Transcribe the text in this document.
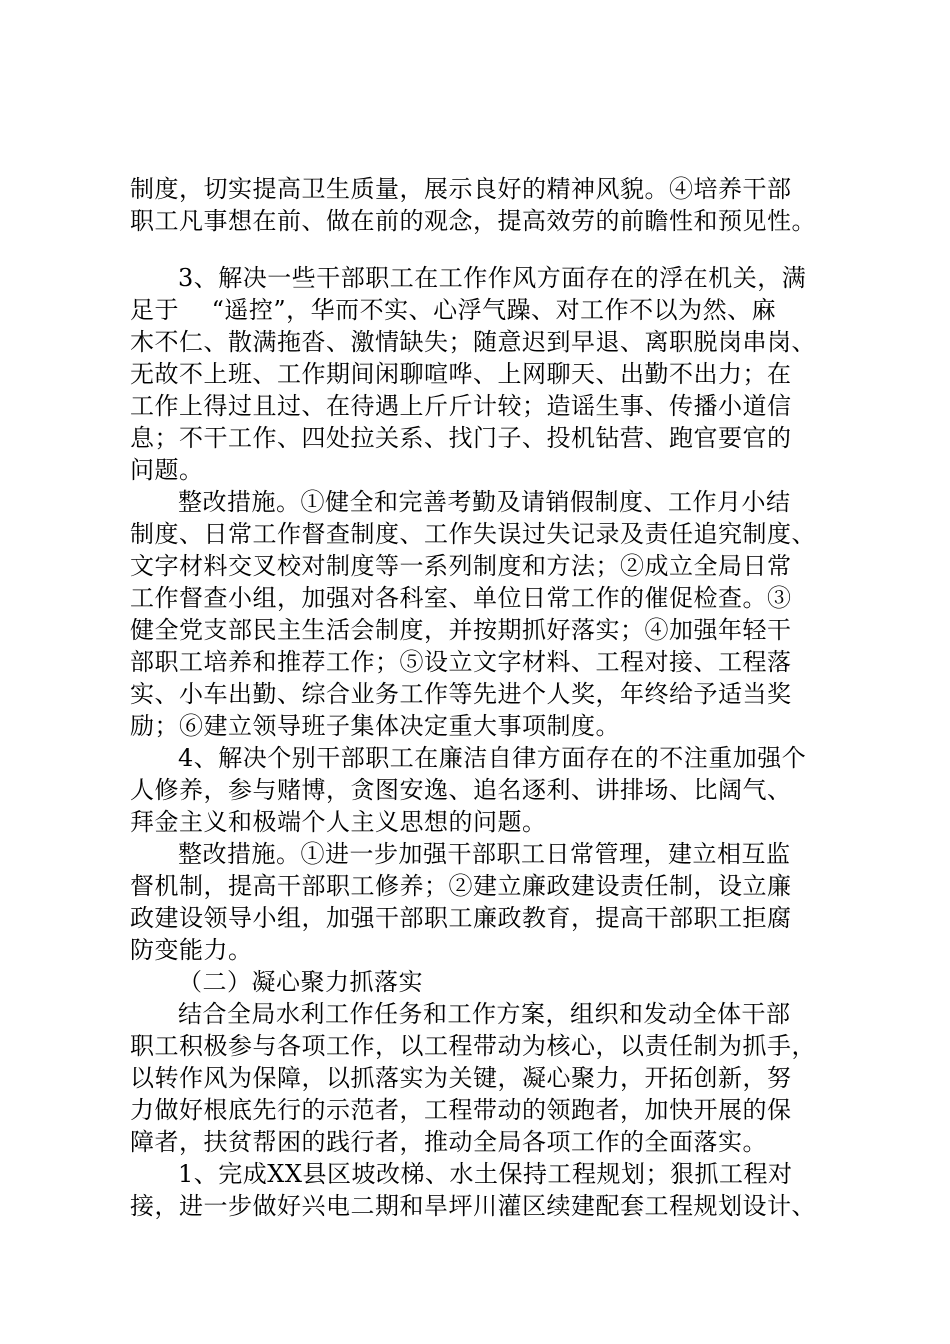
制度，切实提高卫生质量，展示良好的精神风貌。④培养干部
职工凡事想在前、做在前的观念，提高效劳的前瞻性和预见性。
3、解决一些干部职工在工作作风方面存在的浮在机关，满
足于　 “遥控”，华而不实、心浮气躁、对工作不以为然、麻
木不仁、散满拖沓、激情缺失；随意迟到早退、离职脱岗串岗、
无故不上班、工作期间闲聊喧哗、上网聊天、出勤不出力；在
工作上得过且过、在待遇上斤斤计较；造谣生事、传播小道信
息；不干工作、四处拉关系、找门子、投机钻营、跑官要官的
问题。
整改措施。①健全和完善考勤及请销假制度、工作月小结
制度、日常工作督查制度、工作失误过失记录及责任追究制度、
文字材料交叉校对制度等一系列制度和方法；②成立全局日常
工作督查小组，加强对各科室、单位日常工作的催促检查。③
健全党支部民主生活会制度，并按期抓好落实；④加强年轻干
部职工培养和推荐工作；⑤设立文字材料、工程对接、工程落
实、小车出勤、综合业务工作等先进个人奖，年终给予适当奖
励；⑥建立领导班子集体决定重大事项制度。
4、解决个别干部职工在廉洁自律方面存在的不注重加强个
人修养，参与赌博，贪图安逸、追名逐利、讲排场、比阔气、
拜金主义和极端个人主义思想的问题。
整改措施。①进一步加强干部职工日常管理，建立相互监
督机制，提高干部职工修养；②建立廉政建设责任制，设立廉
政建设领导小组，加强干部职工廉政教育，提高干部职工拒腐
防变能力。
（二）凝心聚力抓落实
结合全局水利工作任务和工作方案，组织和发动全体干部
职工积极参与各项工作，以工程带动为核心，以责任制为抓手，
以转作风为保障，以抓落实为关键，凝心聚力，开拓创新，努
力做好根底先行的示范者，工程带动的领跑者，加快开展的保
障者，扶贫帮困的践行者，推动全局各项工作的全面落实。
1、完成XX县区坡改梯、水土保持工程规划；狠抓工程对
接，进一步做好兴电二期和旱坪川灌区续建配套工程规划设计、
